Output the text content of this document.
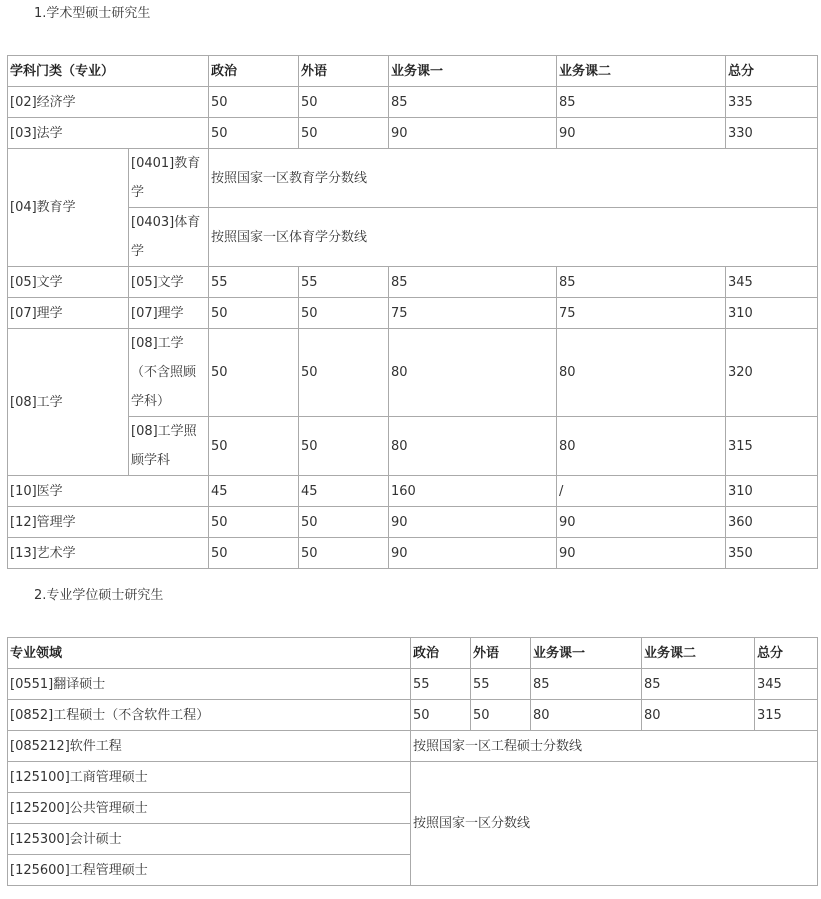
1.学术型硕士研究生
学科门类（专业）		政治	外语	业务课一	业务课二	总分
[02]经济学		50	50	85	85	335
[03]法学		50	50	90	90	330
[04]教育学	[0401]教育学	按照国家一区教育学分数线				
	[0403]体育学	按照国家一区体育学分数线				
[05]文学	[05]文学	55	55	85	85	345
[07]理学	[07]理学	50	50	75	75	310
[08]工学	[08]工学（不含照顾学科）	50	50	80	80	320
	[08]工学照顾学科	50	50	80	80	315
[10]医学		45	45	160	/	310
[12]管理学		50	50	90	90	360
[13]艺术学		50	50	90	90	350
2.专业学位硕士研究生
专业领域	政治	外语	业务课一	业务课二	总分
[0551]翻译硕士	55	55	85	85	345
[0852]工程硕士（不含软件工程）	50	50	80	80	315
[085212]软件工程	按照国家一区工程硕士分数线				
[125100]工商管理硕士	按照国家一区分数线				
[125200]公共管理硕士					
[125300]会计硕士					
[125600]工程管理硕士					
